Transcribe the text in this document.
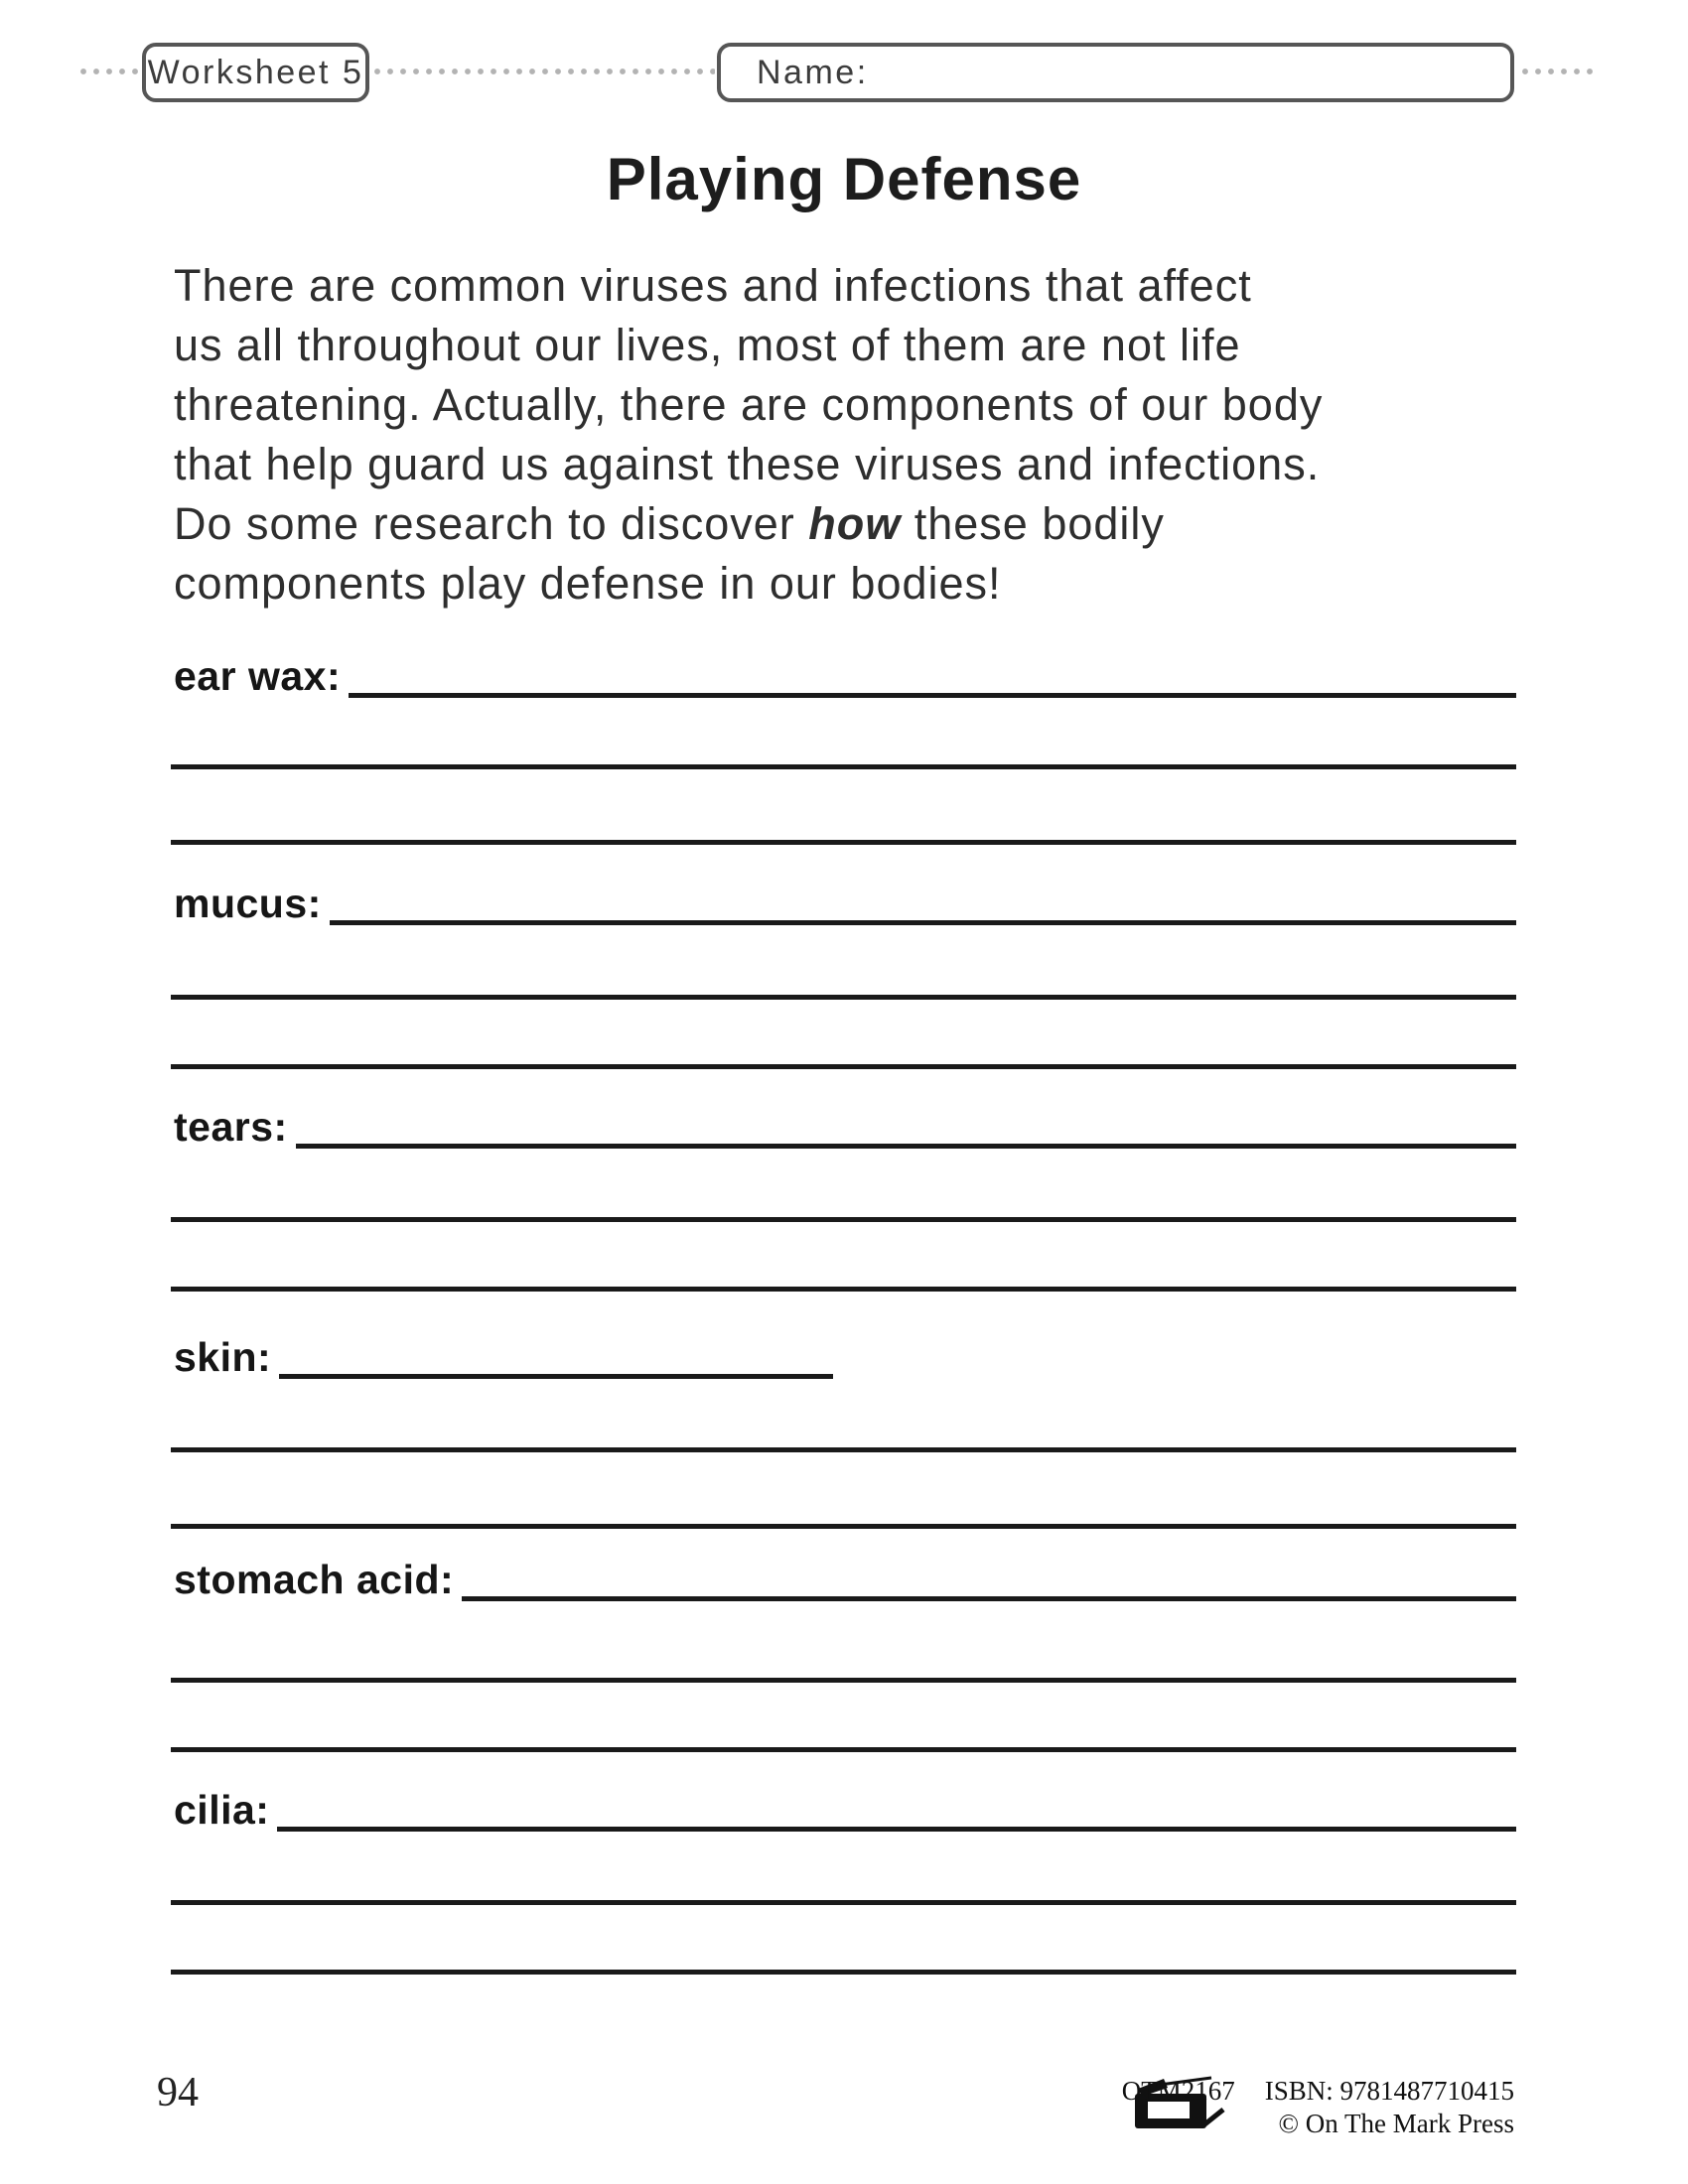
Worksheet 5	Name:
Playing Defense
There are common viruses and infections that affect
us all throughout our lives, most of them are not life
threatening. Actually, there are components of our body
that help guard us against these viruses and infections.
Do some research to discover how these bodily
components play defense in our bodies!
ear wax:
mucus:
tears:
skin:
stomach acid:
cilia:
94	OTM2167 ISBN: 9781487710415
© On The Mark Press
